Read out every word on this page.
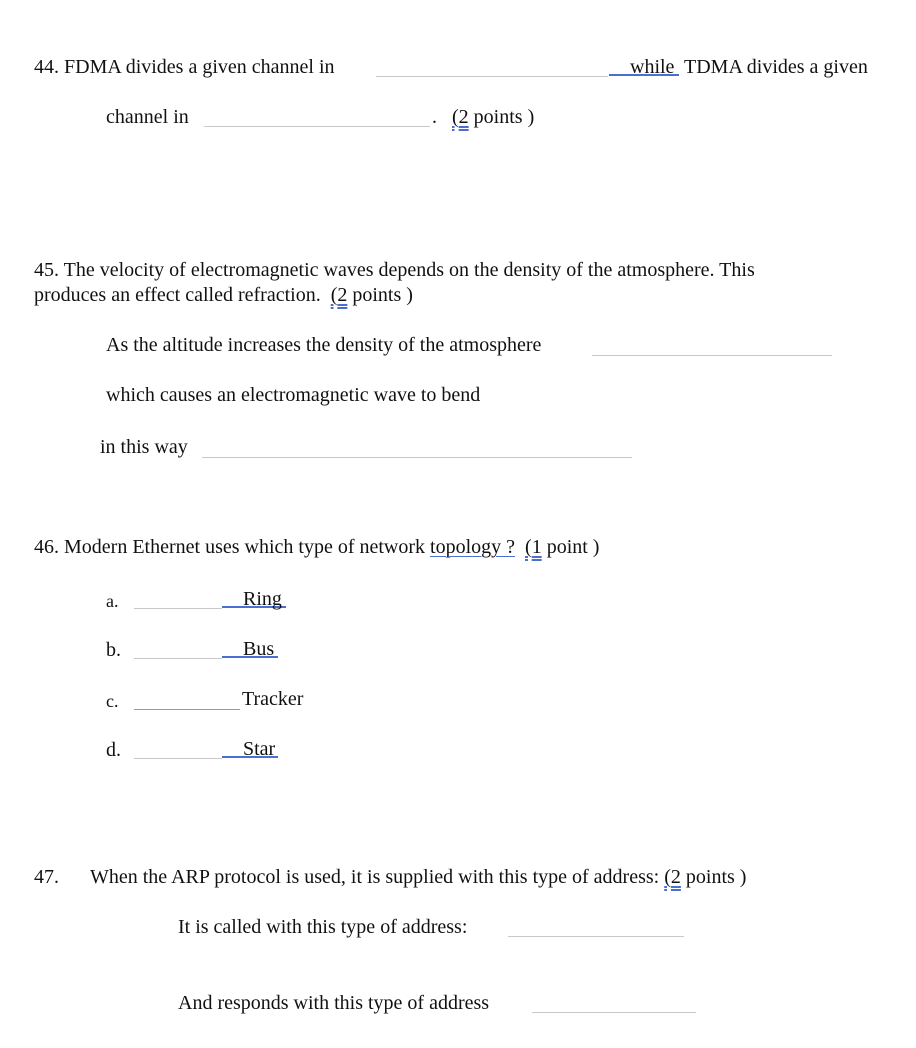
44. FDMA divides a given channel in	while TDMA divides a given
channel in	. (2 points )
45. The velocity of electromagnetic waves depends on the density of the atmosphere. This
produces an effect called refraction. (2 points )
As the altitude increases the density of the atmosphere
which causes an electromagnetic wave to bend
in this way
46. Modern Ethernet uses which type of network topology ? (1 point )
a.	Ring
b.	Bus
c.	Tracker
d.	Star
47. When the ARP protocol is used, it is supplied with this type of address: (2 points )
It is called with this type of address:
And responds with this type of address
